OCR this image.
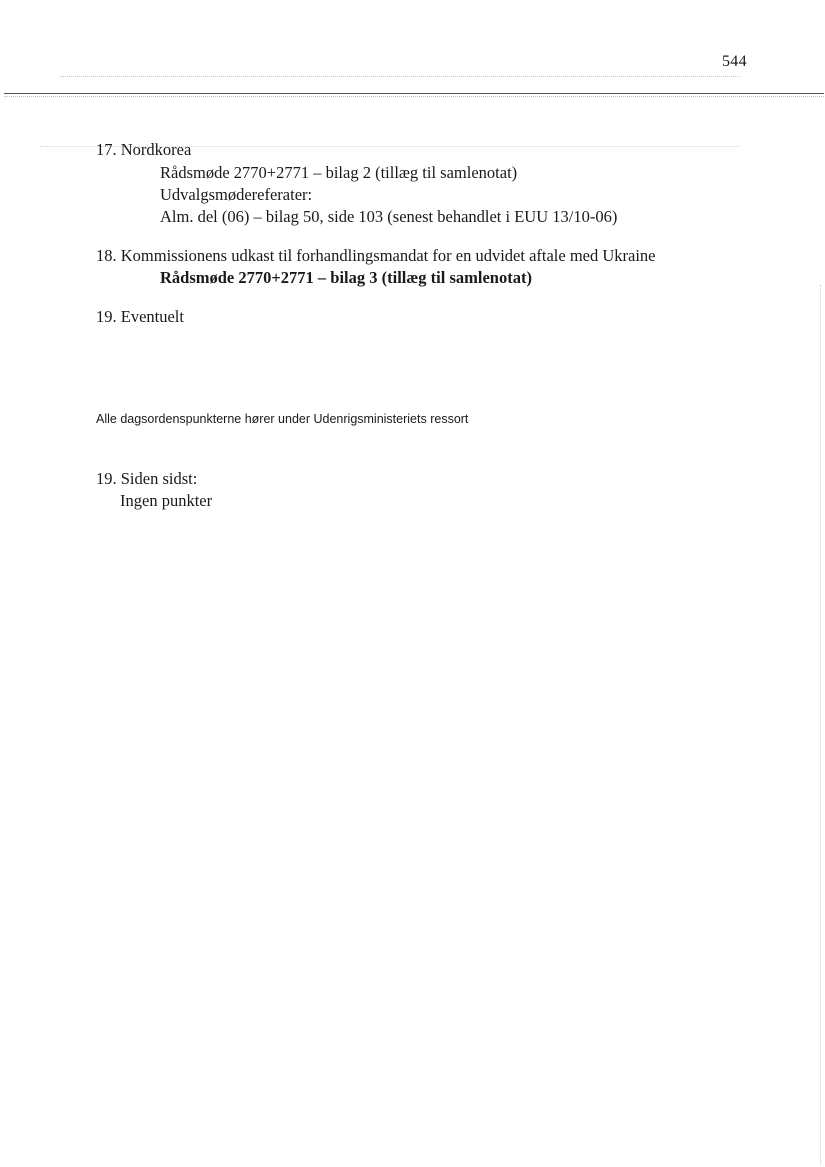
544
17. Nordkorea
Rådsmøde 2770+2771 – bilag 2 (tillæg til samlenotat)
Udvalgsmødereferater:
Alm. del (06) – bilag 50, side 103 (senest behandlet i EUU 13/10-06)
18. Kommissionens udkast til forhandlingsmandat for en udvidet aftale med Ukraine
Rådsmøde 2770+2771 – bilag 3 (tillæg til samlenotat)
19. Eventuelt
Alle dagsordenspunkterne hører under Udenrigsministeriets ressort
19. Siden sidst:
Ingen punkter
